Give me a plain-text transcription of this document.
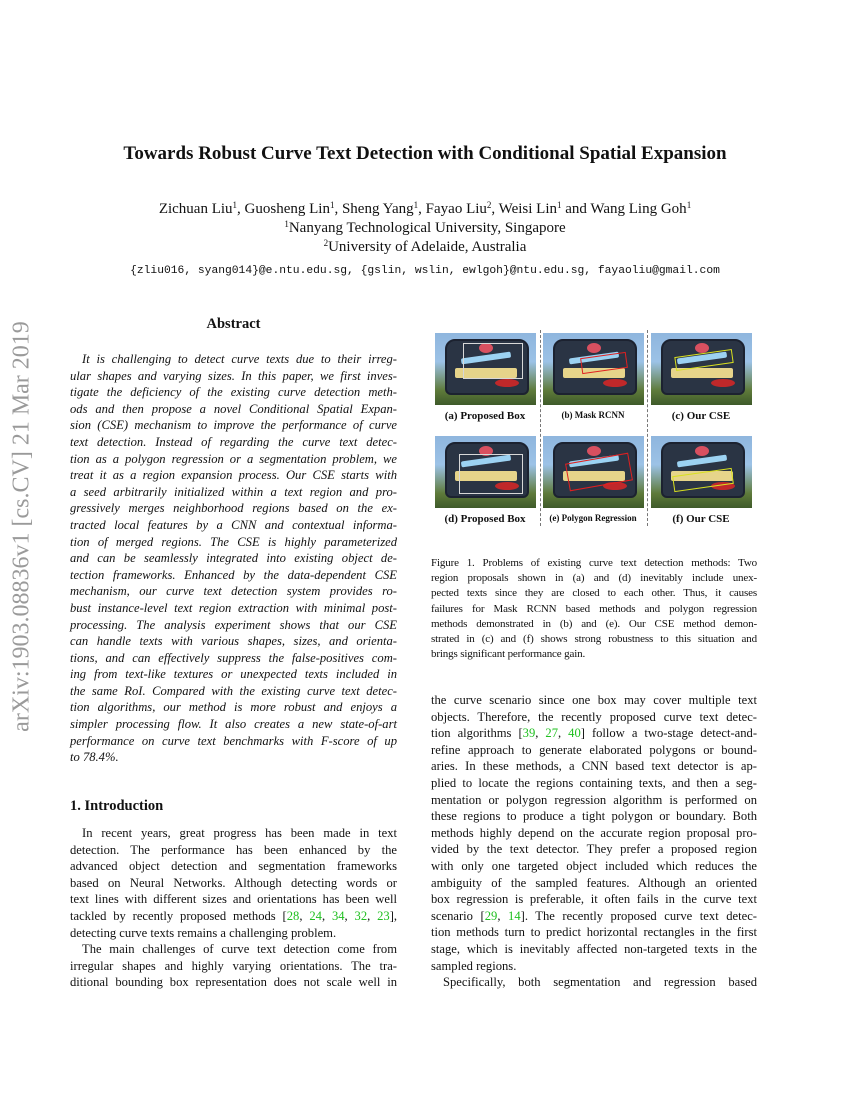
arXiv:1903.08836v1 [cs.CV] 21 Mar 2019
Towards Robust Curve Text Detection with Conditional Spatial Expansion
Zichuan Liu$^1$, Guosheng Lin$^1$, Sheng Yang$^1$, Fayao Liu$^2$, Weisi Lin$^1$ and Wang Ling Goh$^1$
$^1$Nanyang Technological University, Singapore
$^2$University of Adelaide, Australia
{zliu016, syang014}@e.ntu.edu.sg, {gslin, wslin, ewlgoh}@ntu.edu.sg, fayaoliu@gmail.com
Abstract
It is challenging to detect curve texts due to their irreg-
ular shapes and varying sizes. In this paper, we first inves-
tigate the deficiency of the existing curve detection meth-
ods and then propose a novel Conditional Spatial Expan-
sion (CSE) mechanism to improve the performance of curve
text detection. Instead of regarding the curve text detec-
tion as a polygon regression or a segmentation problem, we
treat it as a region expansion process. Our CSE starts with
a seed arbitrarily initialized within a text region and pro-
gressively merges neighborhood regions based on the ex-
tracted local features by a CNN and contextual informa-
tion of merged regions. The CSE is highly parameterized
and can be seamlessly integrated into existing object de-
tection frameworks. Enhanced by the data-dependent CSE
mechanism, our curve text detection system provides ro-
bust instance-level text region extraction with minimal post-
processing. The analysis experiment shows that our CSE
can handle texts with various shapes, sizes, and orienta-
tions, and can effectively suppress the false-positives com-
ing from text-like textures or unexpected texts included in
the same RoI. Compared with the existing curve text detec-
tion algorithms, our method is more robust and enjoys a
simpler processing flow. It also creates a new state-of-art
performance on curve text benchmarks with F-score of up
to 78.4%.
1. Introduction
In recent years, great progress has been made in text
detection. The performance has been enhanced by the
advanced object detection and segmentation frameworks
based on Neural Networks. Although detecting words or
text lines with different sizes and orientations has been well
tackled by recently proposed methods [28, 24, 34, 32, 23],
detecting curve texts remains a challenging problem.
The main challenges of curve text detection come from
irregular shapes and highly varying orientations. The tra-
ditional bounding box representation does not scale well in
(a) Proposed Box	(b) Mask RCNN	(c) Our CSE
(d) Proposed Box	(e) Polygon Regression	(f) Our CSE
Figure 1. Problems of existing curve text detection methods: Two
region proposals shown in (a) and (d) inevitably include unex-
pected texts since they are closed to each other. Thus, it causes
failures for Mask RCNN based methods and polygon regression
methods demonstrated in (b) and (e). Our CSE method demon-
strated in (c) and (f) shows strong robustness to this situation and
brings significant performance gain.
the curve scenario since one box may cover multiple text
objects. Therefore, the recently proposed curve text detec-
tion algorithms [39, 27, 40] follow a two-stage detect-and-
refine approach to generate elaborated polygons or bound-
aries. In these methods, a CNN based text detector is ap-
plied to locate the regions containing texts, and then a seg-
mentation or polygon regression algorithm is performed on
these regions to produce a tight polygon or boundary. Both
methods highly depend on the accurate region proposal pro-
vided by the text detector. They prefer a proposed region
with only one targeted object included which reduces the
ambiguity of the sampled features. Although an oriented
box regression is preferable, it often fails in the curve text
scenario [29, 14]. The recently proposed curve text detec-
tion methods turn to predict horizontal rectangles in the first
stage, which is inevitably affected non-targeted texts in the
sampled regions.
Specifically, both segmentation and regression based
